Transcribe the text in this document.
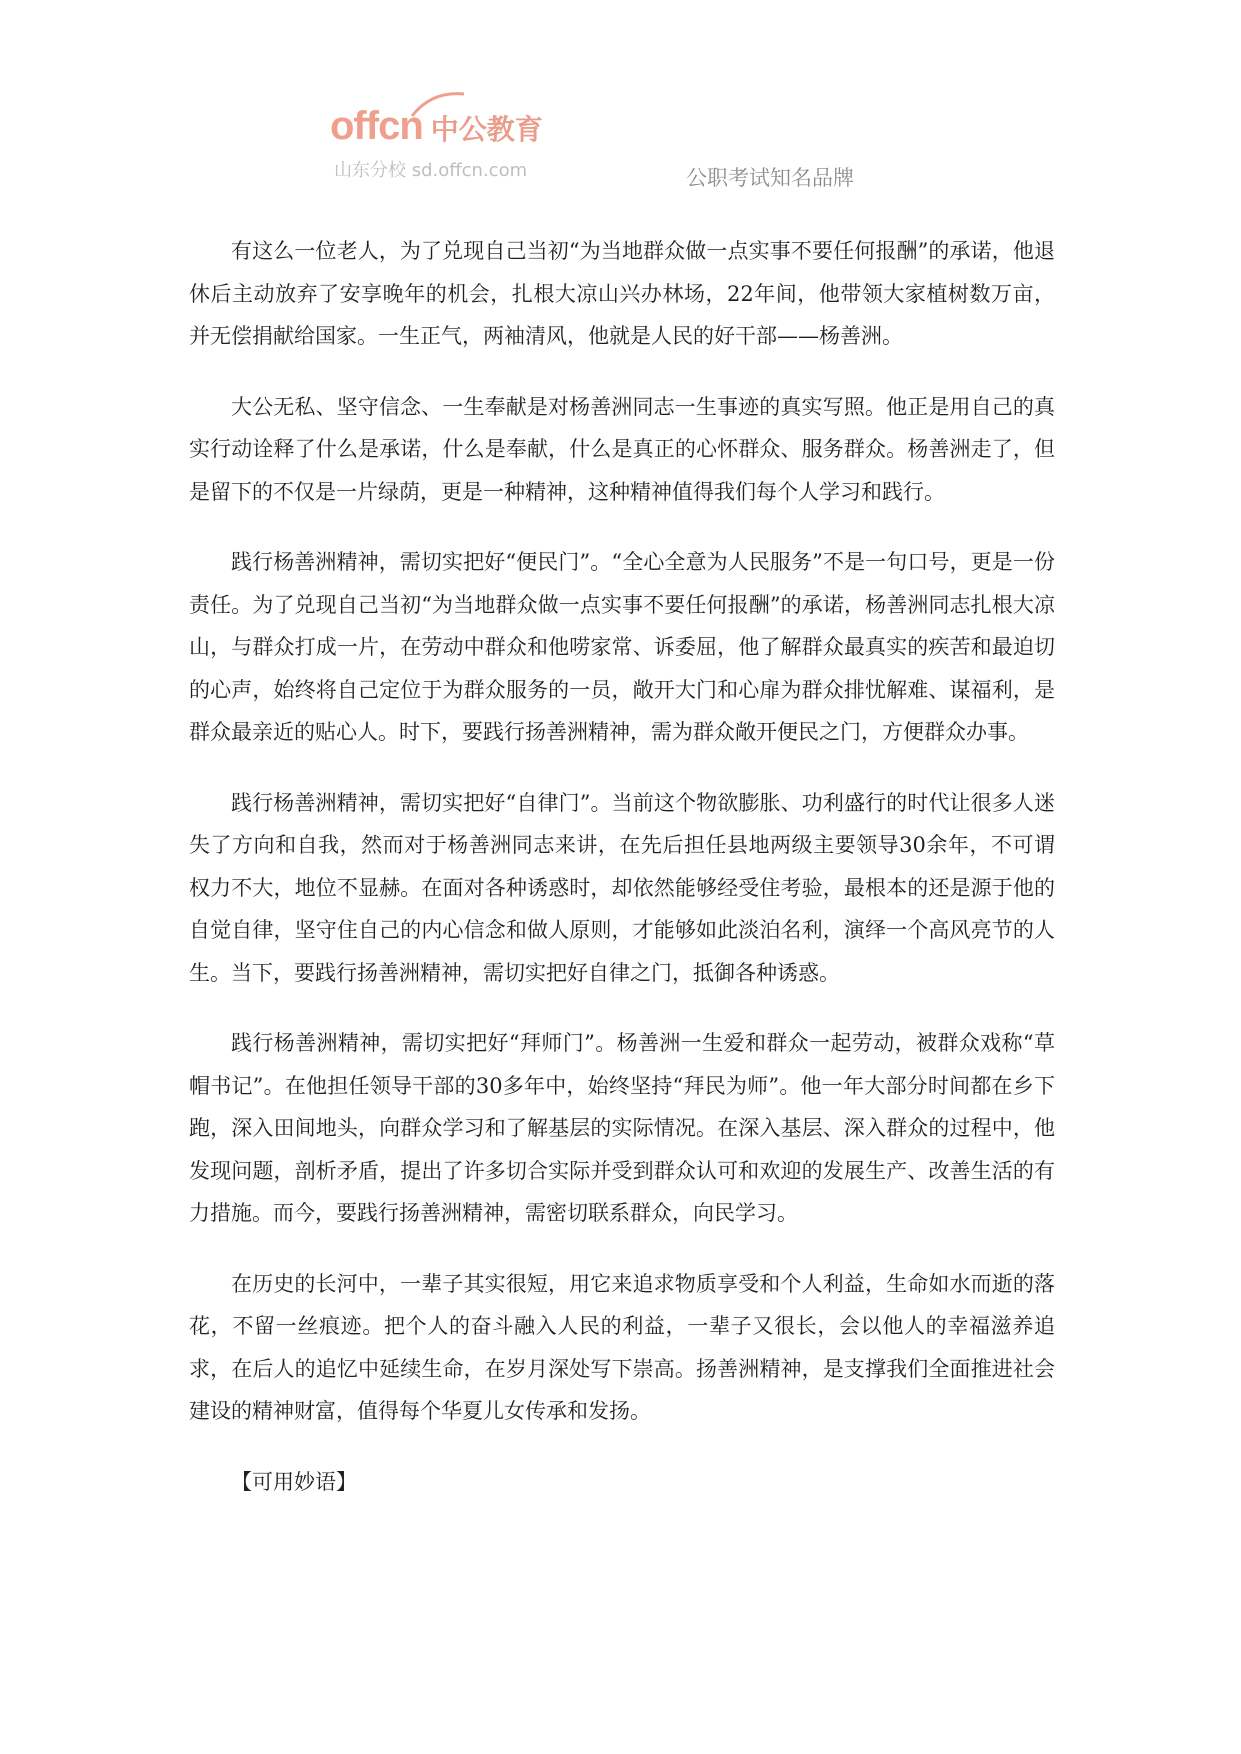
offcn 中公教育
山东分校 sd.offcn.com	公职考试知名品牌

有这么一位老人，为了兑现自己当初“为当地群众做一点实事不要任何报酬”的承诺，他退休后主动放弃了安享晚年的机会，扎根大凉山兴办林场，22年间，他带领大家植树数万亩，并无偿捐献给国家。一生正气，两袖清风，他就是人民的好干部——杨善洲。

大公无私、坚守信念、一生奉献是对杨善洲同志一生事迹的真实写照。他正是用自己的真实行动诠释了什么是承诺，什么是奉献，什么是真正的心怀群众、服务群众。杨善洲走了，但是留下的不仅是一片绿荫，更是一种精神，这种精神值得我们每个人学习和践行。

践行杨善洲精神，需切实把好“便民门”。“全心全意为人民服务”不是一句口号，更是一份责任。为了兑现自己当初“为当地群众做一点实事不要任何报酬”的承诺，杨善洲同志扎根大凉山，与群众打成一片，在劳动中群众和他唠家常、诉委屈，他了解群众最真实的疾苦和最迫切的心声，始终将自己定位于为群众服务的一员，敞开大门和心扉为群众排忧解难、谋福利，是群众最亲近的贴心人。时下，要践行扬善洲精神，需为群众敞开便民之门，方便群众办事。

践行杨善洲精神，需切实把好“自律门”。当前这个物欲膨胀、功利盛行的时代让很多人迷失了方向和自我，然而对于杨善洲同志来讲，在先后担任县地两级主要领导30余年，不可谓权力不大，地位不显赫。在面对各种诱惑时，却依然能够经受住考验，最根本的还是源于他的自觉自律，坚守住自己的内心信念和做人原则，才能够如此淡泊名利，演绎一个高风亮节的人生。当下，要践行扬善洲精神，需切实把好自律之门，抵御各种诱惑。

践行杨善洲精神，需切实把好“拜师门”。杨善洲一生爱和群众一起劳动，被群众戏称“草帽书记”。在他担任领导干部的30多年中，始终坚持“拜民为师”。他一年大部分时间都在乡下跑，深入田间地头，向群众学习和了解基层的实际情况。在深入基层、深入群众的过程中，他发现问题，剖析矛盾，提出了许多切合实际并受到群众认可和欢迎的发展生产、改善生活的有力措施。而今，要践行扬善洲精神，需密切联系群众，向民学习。

在历史的长河中，一辈子其实很短，用它来追求物质享受和个人利益，生命如水而逝的落花，不留一丝痕迹。把个人的奋斗融入人民的利益，一辈子又很长，会以他人的幸福滋养追求，在后人的追忆中延续生命，在岁月深处写下崇高。扬善洲精神，是支撑我们全面推进社会建设的精神财富，值得每个华夏儿女传承和发扬。

【可用妙语】
